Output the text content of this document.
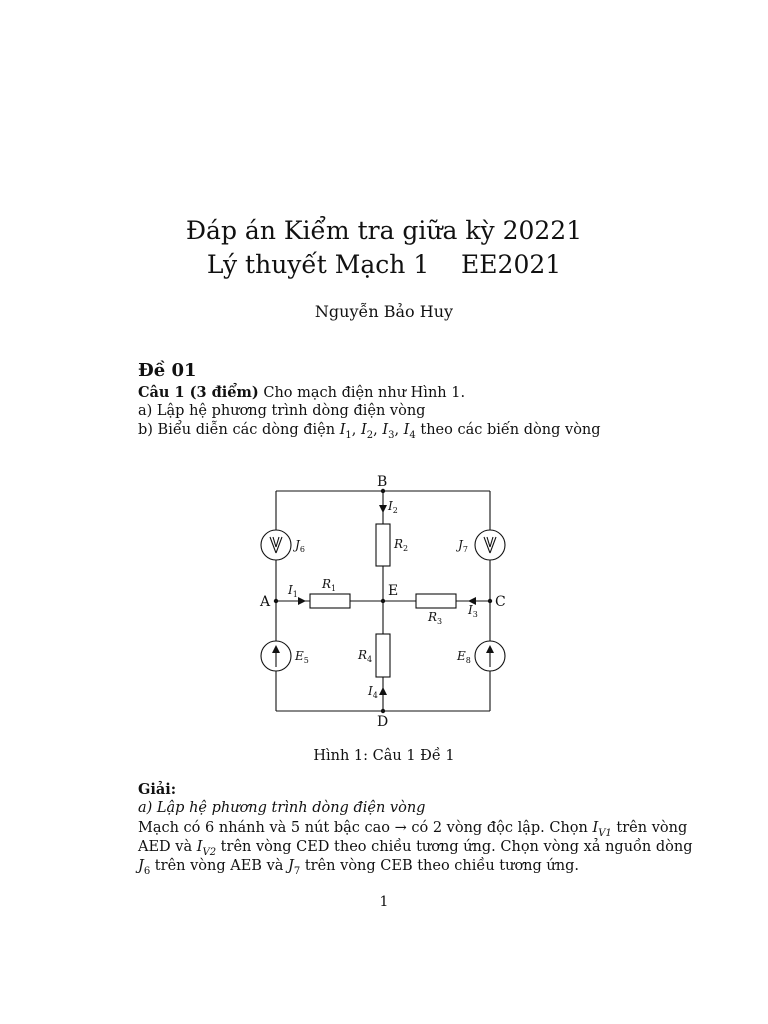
Đáp án Kiểm tra giữa kỳ 20221
Lý thuyết Mạch 1    EE2021
Nguyễn Bảo Huy
Đề 01
Câu 1 (3 điểm) Cho mạch điện như Hình 1.
a) Lập hệ phương trình dòng điện vòng
b) Biểu diễn các dòng điện $I_1$, $I_2$, $I_3$, $I_4$ theo các biến dòng vòng
B
A	C
D
E
$J_6$	$J_7$
$E_5$	$E_8$
$R_1$
$R_2$
$R_3$
$R_4$
$I_1$
$I_2$
$I_3$
$I_4$
Hình 1: Câu 1 Đề 1
Giải:
a) Lập hệ phương trình dòng điện vòng
Mạch có 6 nhánh và 5 nút bậc cao → có 2 vòng độc lập. Chọn $I_{V1}$ trên vòng
AED và $I_{V2}$ trên vòng CED theo chiều tương ứng. Chọn vòng xả nguồn dòng
$J_6$ trên vòng AEB và $J_7$ trên vòng CEB theo chiều tương ứng.
1
